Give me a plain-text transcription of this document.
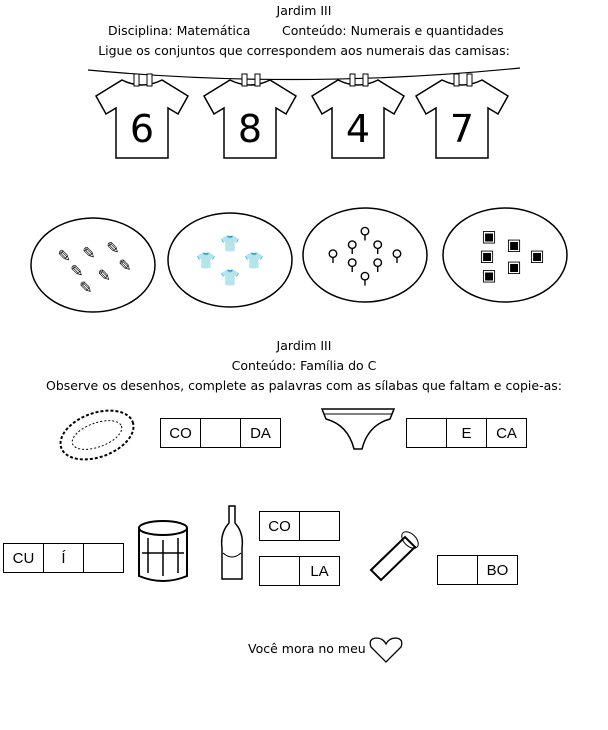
Jardim III
Disciplina: Matemática	Conteúdo: Numerais e quantidades
Ligue os conjuntos que correspondem aos numerais das camisas:
Jardim III
Conteúdo: Família do C
Observe os desenhos, complete as palavras com as sílabas que faltam e copie-as:
Você mora no meu
6 8 4 7
✎
✎
✎
✎
✎ ✎ ✎
👕
👕
👕
👕
⚲
⚲
⚲
⚲
⚲ ⚲
⚲
⚲	▣
▣
▣
▣
▣ ▣
CO	DA	E	CA
CU	Í
CO
LA	BO
